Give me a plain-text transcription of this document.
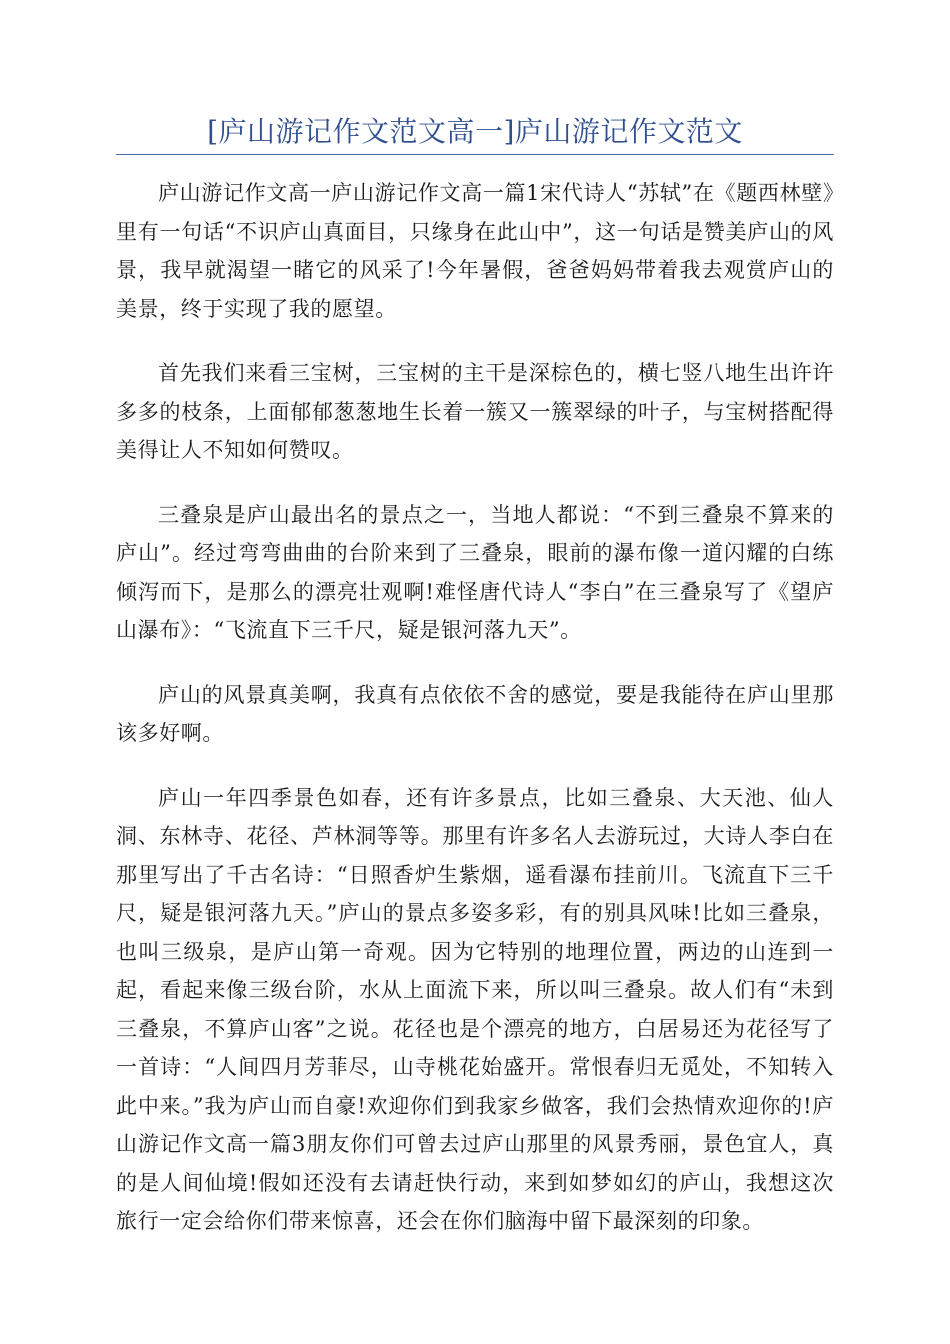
[庐山游记作文范文高一]庐山游记作文范文

庐山游记作文高一庐山游记作文高一篇1宋代诗人“苏轼”在《题西林壁》里有一句话“不识庐山真面目，只缘身在此山中”，这一句话是赞美庐山的风景，我早就渴望一睹它的风采了!今年暑假，爸爸妈妈带着我去观赏庐山的美景，终于实现了我的愿望。

首先我们来看三宝树，三宝树的主干是深棕色的，横七竖八地生出许许多多的枝条，上面郁郁葱葱地生长着一簇又一簇翠绿的叶子，与宝树搭配得美得让人不知如何赞叹。

三叠泉是庐山最出名的景点之一，当地人都说：“不到三叠泉不算来的庐山”。经过弯弯曲曲的台阶来到了三叠泉，眼前的瀑布像一道闪耀的白练倾泻而下，是那么的漂亮壮观啊!难怪唐代诗人“李白”在三叠泉写了《望庐山瀑布》：“飞流直下三千尺，疑是银河落九天”。

庐山的风景真美啊，我真有点依依不舍的感觉，要是我能待在庐山里那该多好啊。

庐山一年四季景色如春，还有许多景点，比如三叠泉、大天池、仙人洞、东林寺、花径、芦林洞等等。那里有许多名人去游玩过，大诗人李白在那里写出了千古名诗：“日照香炉生紫烟，遥看瀑布挂前川。飞流直下三千尺，疑是银河落九天。”庐山的景点多姿多彩，有的别具风味!比如三叠泉，也叫三级泉，是庐山第一奇观。因为它特别的地理位置，两边的山连到一起，看起来像三级台阶，水从上面流下来，所以叫三叠泉。故人们有“未到三叠泉，不算庐山客”之说。花径也是个漂亮的地方，白居易还为花径写了一首诗：“人间四月芳菲尽，山寺桃花始盛开。常恨春归无觅处，不知转入此中来。”我为庐山而自豪!欢迎你们到我家乡做客，我们会热情欢迎你的!庐山游记作文高一篇3朋友你们可曾去过庐山那里的风景秀丽，景色宜人，真的是人间仙境!假如还没有去请赶快行动，来到如梦如幻的庐山，我想这次旅行一定会给你们带来惊喜，还会在你们脑海中留下最深刻的印象。
